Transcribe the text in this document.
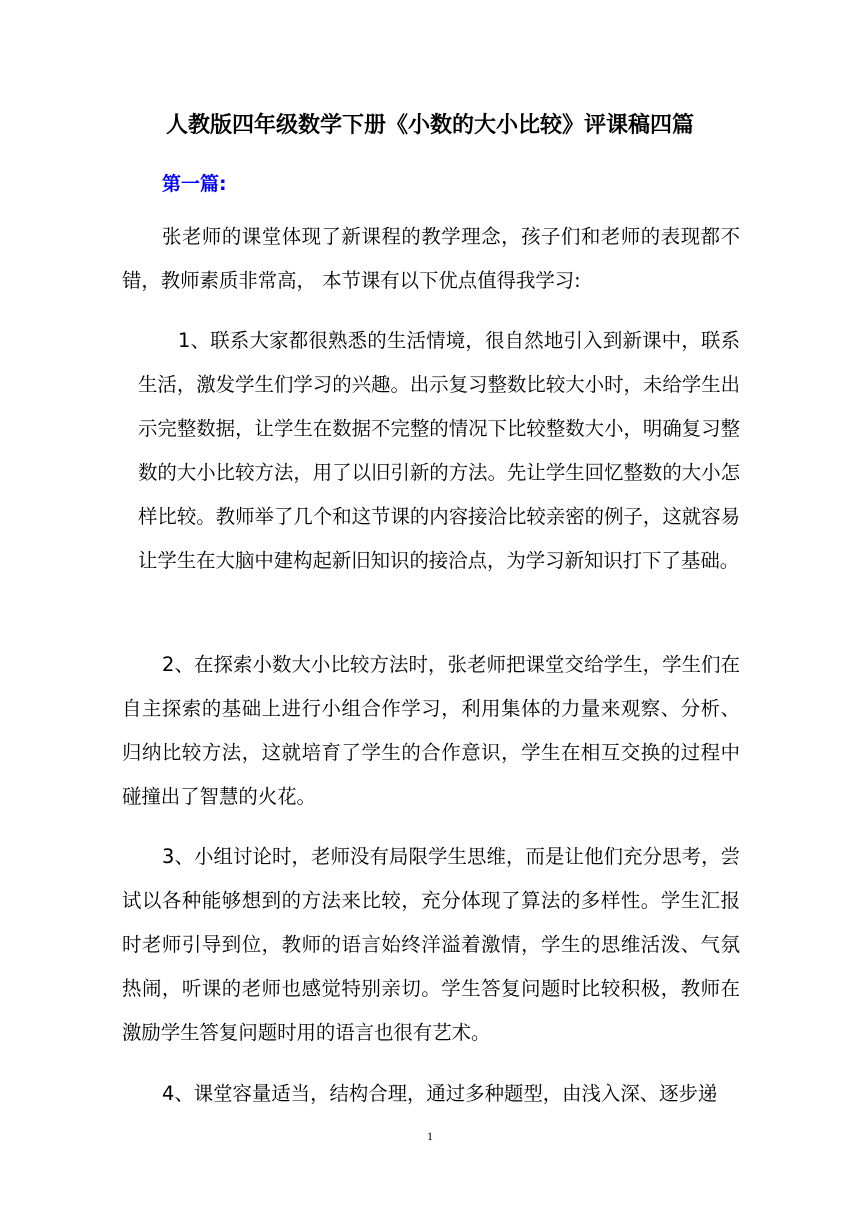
人教版四年级数学下册《小数的大小比较》评课稿四篇
第一篇:

张老师的课堂体现了新课程的教学理念，孩子们和老师的表现都不错，教师素质非常高， 本节课有以下优点值得我学习:

1、联系大家都很熟悉的生活情境，很自然地引入到新课中，联系生活，激发学生们学习的兴趣。出示复习整数比较大小时，未给学生出示完整数据，让学生在数据不完整的情况下比较整数大小，明确复习整数的大小比较方法，用了以旧引新的方法。先让学生回忆整数的大小怎样比较。教师举了几个和这节课的内容接洽比较亲密的例子，这就容易让学生在大脑中建构起新旧知识的接洽点，为学习新知识打下了基础。

2、在探索小数大小比较方法时，张老师把课堂交给学生，学生们在自主探索的基础上进行小组合作学习，利用集体的力量来观察、分析、归纳比较方法，这就培育了学生的合作意识，学生在相互交换的过程中碰撞出了智慧的火花。

3、小组讨论时，老师没有局限学生思维，而是让他们充分思考，尝试以各种能够想到的方法来比较，充分体现了算法的多样性。学生汇报时老师引导到位，教师的语言始终洋溢着激情，学生的思维活泼、气氛热闹，听课的老师也感觉特别亲切。学生答复问题时比较积极，教师在激励学生答复问题时用的语言也很有艺术。

4、课堂容量适当，结构合理，通过多种题型，由浅入深、逐步递

1
